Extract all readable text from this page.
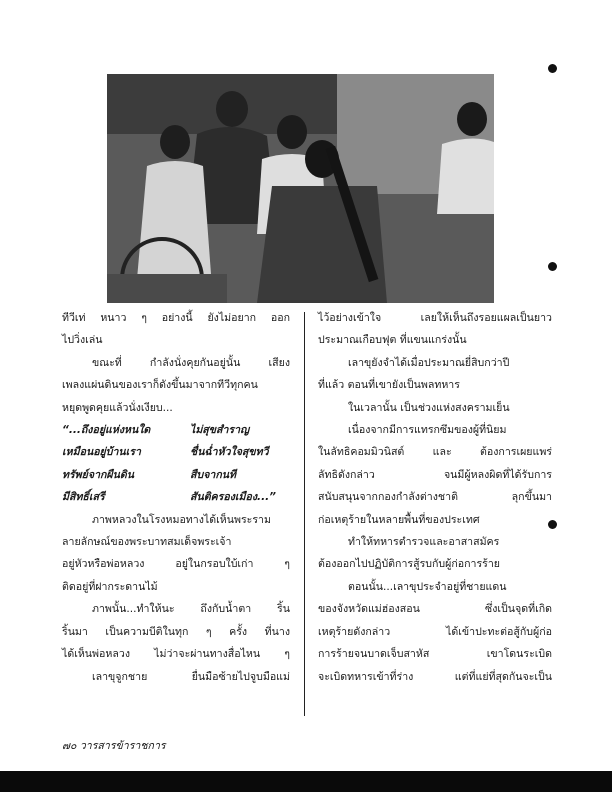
ทีวีเท่ หนาว ๆ อย่างนี้ ยังไม่อยาก ออก

ไปวิ่งเล่น

ขณะที่ กำลังนั่งคุยกันอยู่นั้น เสียง

เพลงแผ่นดินของเราก็ดังขึ้นมาจากทีวีทุกคน

หยุดพูดคุยแล้วนั่งเงียบ...

“...ถึงอยู่แห่งหนใด	ไม่สุขสำราญ
เหมือนอยู่บ้านเรา	ชื่นฉ่ำหัวใจสุขทวี
ทรัพย์จากผืนดิน	สืบจากนที
มีสิทธิ์เสรี	สันติครองเมือง...”

ภาพหลวงในโรงหมอทางได้เห็นพระราม

ลายลักษณ์ของพระบาทสมเด็จพระเจ้า

อยู่หัวหรือพ่อหลวง อยู่ในกรอบใบ้เก่า ๆ

ติดอยู่ที่ฝากระดานไม้

ภาพนั้น...ทำให้นะ ถึงกับน้ำตา ริ้น

ริ้นมา เป็นความบีติในทุก ๆ ครั้ง ที่นาง

ได้เห็นพ่อหลวง ไม่ว่าจะผ่านทางสื่อไหน ๆ

เลาขุจูกชาย ยื่นมือซ้ายไปจูบมือแม่

ไว้อย่างเข้าใจ เลยให้เห็นถึงรอยแผลเป็นยาว

ประมาณเกือบฟุต ที่แขนแกร่งนั้น

เลาขุยังจำได้เมื่อประมาณยี่สิบกว่าปี

ที่แล้ว ตอนที่เขายังเป็นพลทหาร

ในเวลานั้น เป็นช่วงแห่งสงครามเย็น

เนื่องจากมีการแทรกซึมของผู้ที่นิยม

ในลัทธิคอมมิวนิสต์ และ ต้องการเผยแพร่

ลัทธิดังกล่าว จนมีผู้หลงผิดที่ได้รับการ

สนับสนุนจากกองกำลังต่างชาติ ลุกขึ้นมา

ก่อเหตุร้ายในหลายพื้นที่ของประเทศ

ทำให้ทหารตำรวจและอาสาสมัคร

ต้องออกไปปฏิบัติการสู้รบกับผู้ก่อการร้าย

ตอนนั้น...เลาขุประจำอยู่ที่ชายแดน

ของจังหวัดแม่ฮ่องสอน ซึ่งเป็นจุดที่เกิด

เหตุร้ายดังกล่าว ได้เข้าปะทะต่อสู้กับผู้ก่อ

การร้ายจนบาดเจ็บสาหัส เขาโดนระเบิด

จะเบิดทหารเข้าที่ร่าง แต่ที่แย่ที่สุดกันจะเป็น

๗๐ วารสารข้าราชการ
